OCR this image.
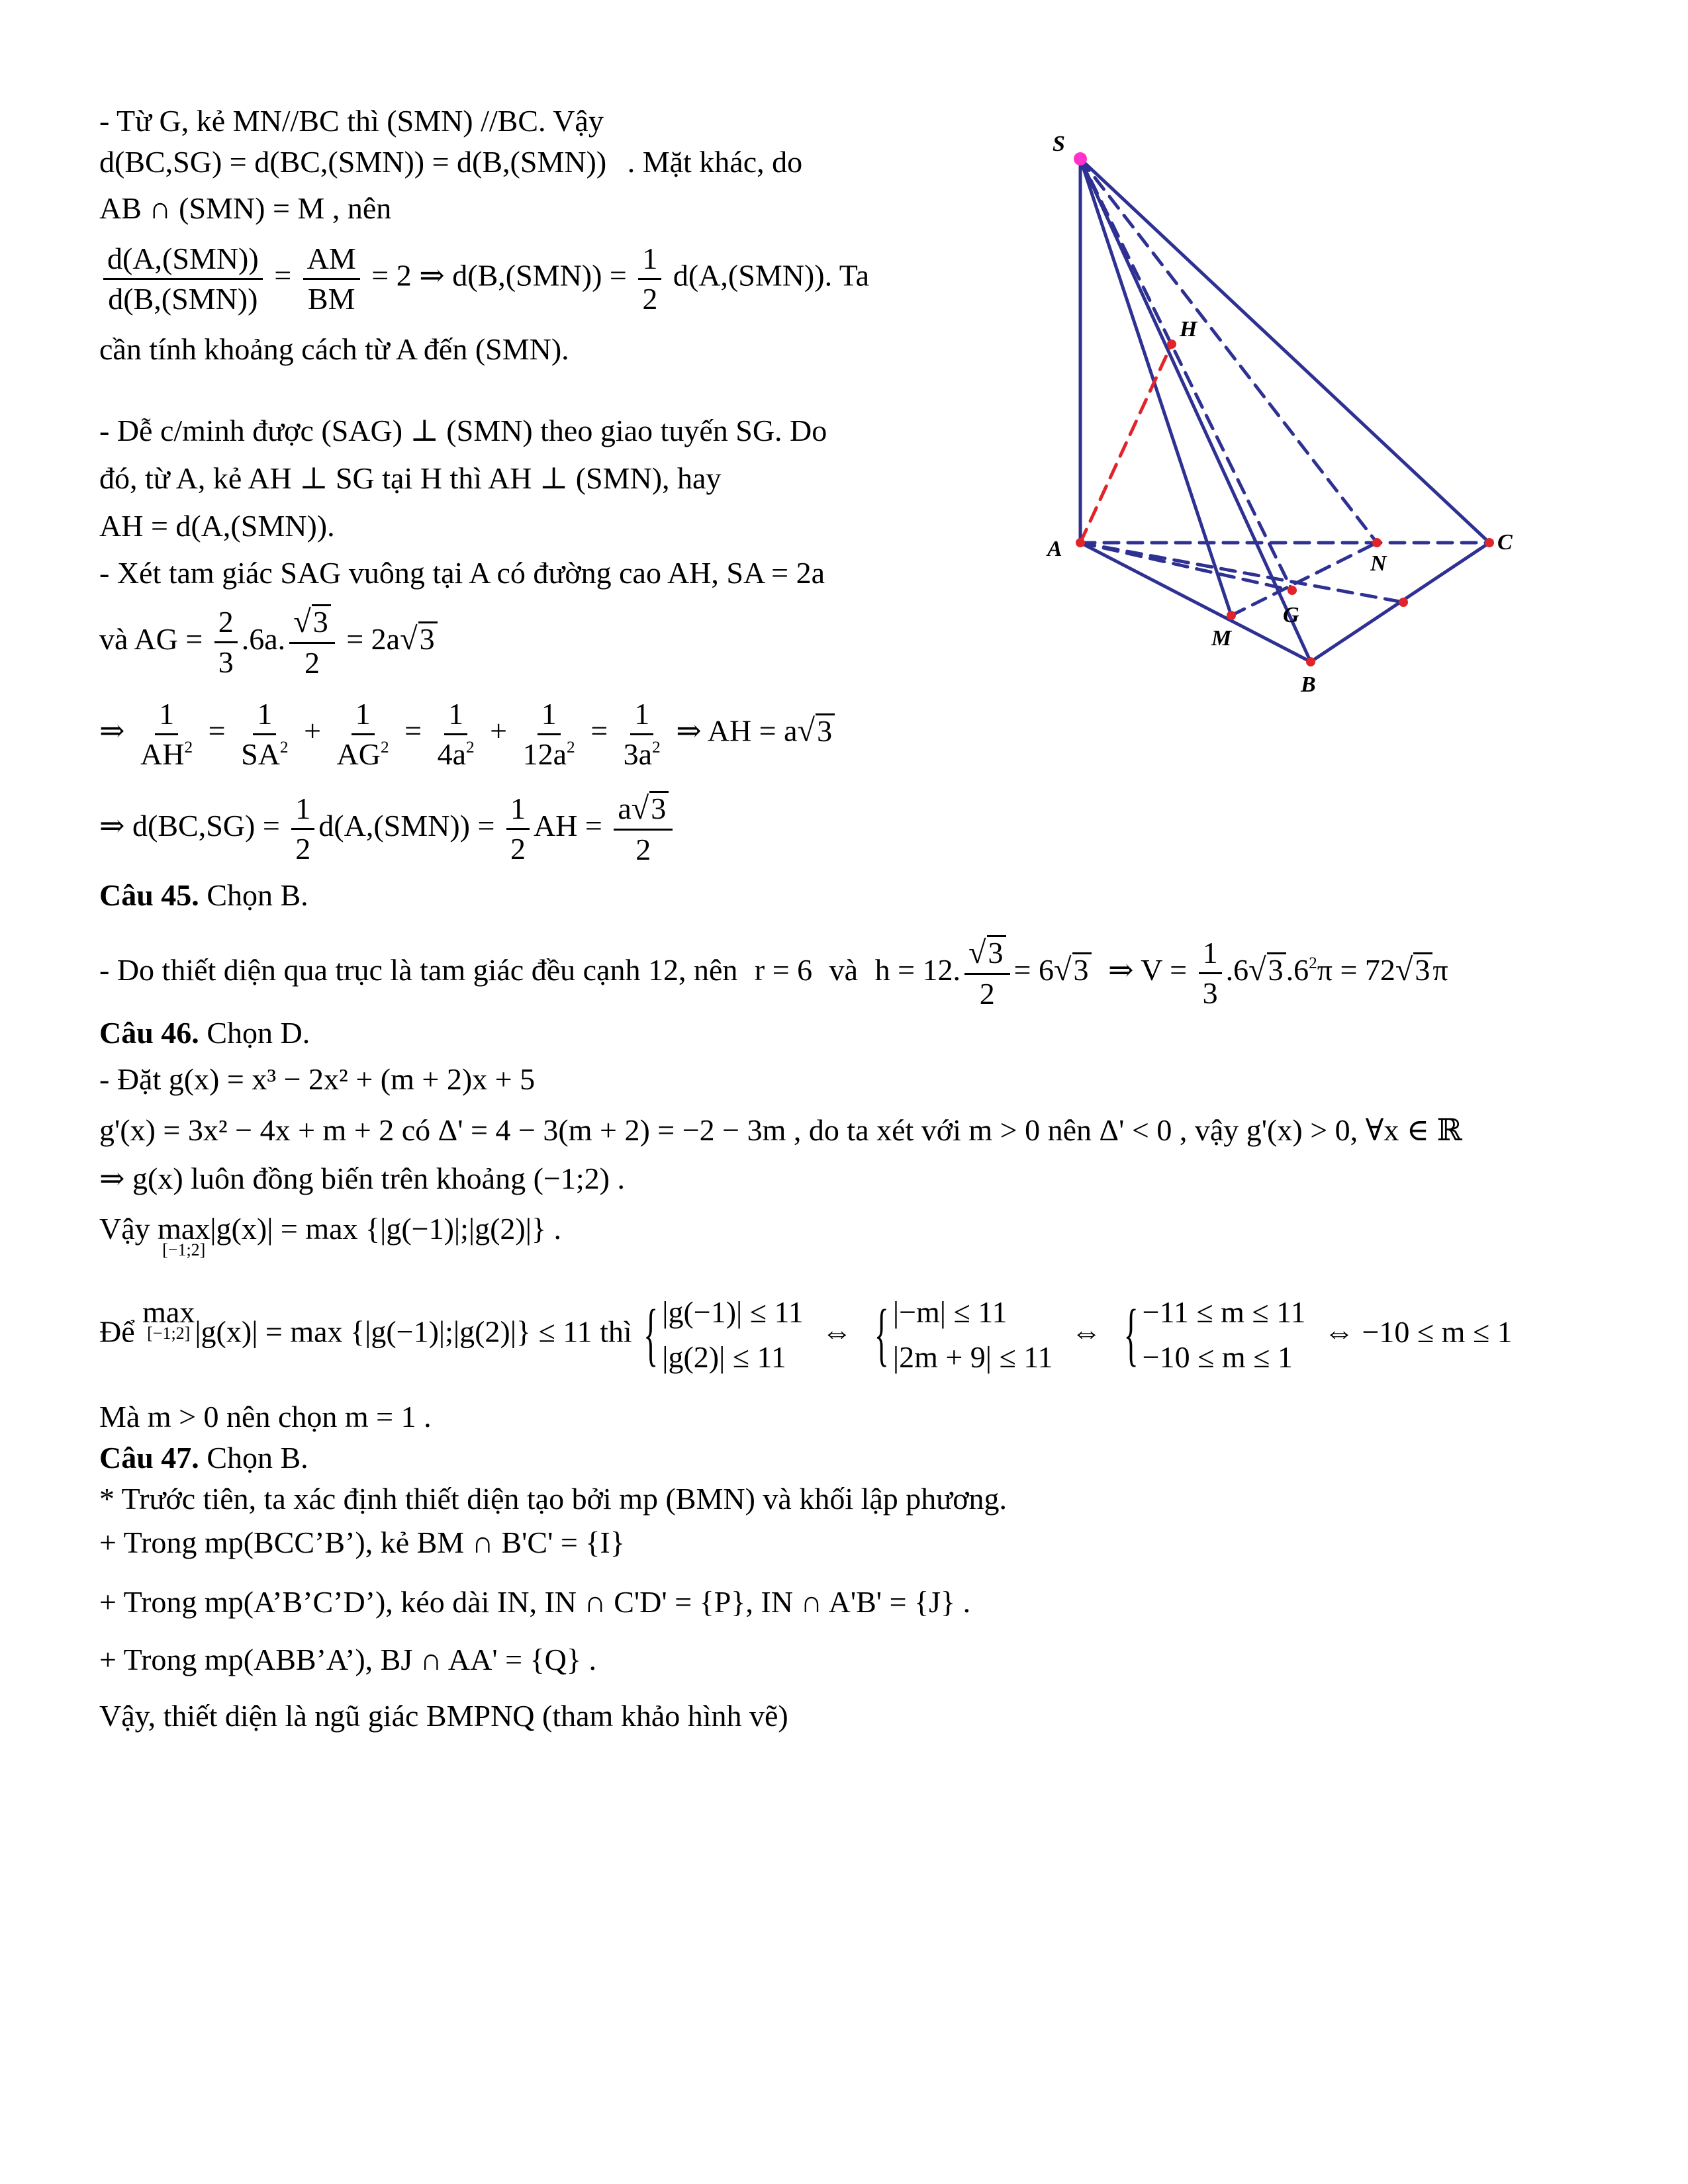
- Từ G, kẻ MN//BC thì (SMN) //BC. Vậy
d(BC,SG) = d(BC,(SMN)) = d(B,(SMN)) . Mặt khác, do
AB ∩ (SMN) = M , nên
$\frac{\text{d(A,(SMN))}}{\text{d(B,(SMN))}} = \frac{AM}{BM} = 2$ ⇒ $d(B,(SMN)) = \frac{1}{2} d(A,(SMN))$. Ta
cần tính khoảng cách từ A đến (SMN).
- Dễ c/minh được (SAG) ⊥ (SMN) theo giao tuyến SG. Do
đó, từ A, kẻ AH ⊥ SG tại H thì AH ⊥ (SMN), hay
AH = d(A,(SMN)).
- Xét tam giác SAG vuông tại A có đường cao AH, SA = 2a
và AG = $\frac{2}{3} .6a$. $\frac{√3}{2} = 2a√3$
⇒ $\frac{1}{AH^2} = \frac{1}{SA^2} + \frac{1}{AG^2} = \frac{1}{4a^2} + \frac{1}{12a^2} = \frac{1}{3a^2}$ ⇒ AH = a√3
⇒ $d(BC,SG) = \frac{1}{2} d(A,(SMN)) = \frac{1}{2}$ AH = $\frac{a√3}{2}$
Câu 45. Chọn B.
- Do thiết diện qua trục là tam giác đều cạnh 12, nên r = 6 và h = 12. $\frac{√3}{2} = 6√3$ ⇒ $V = \frac{1}{3} .6√3.6^2\pi = 72√3\pi$
Câu 46. Chọn D.
- Đặt g(x) = x³ − 2x² + (m + 2)x + 5
g'(x) = 3x² − 4x + m + 2 có Δ' = 4 − 3(m + 2) = −2 − 3m , do ta xét với m > 0 nên Δ' < 0 , vậy g'(x) > 0, ∀x ∈ ℝ
⇒ g(x) luôn đồng biến trên khoảng (−1;2) .
Vậy max
[−1;2]
|g(x)| = max {|g(−1)|;|g(2)|} .
Để
max
[−1;2] |g(x)| = max {|g(−1)|;|g(2)|} ≤ 11 thì { |g(−1)| ≤ 11
|g(2)| ≤ 11
⇔ { |−m| ≤ 11
|2m + 9| ≤ 11
⇔ { −11 ≤ m ≤ 11
−10 ≤ m ≤ 1
⇔ −10 ≤ m ≤ 1
Mà m > 0 nên chọn m = 1 .
Câu 47. Chọn B.
* Trước tiên, ta xác định thiết diện tạo bởi mp (BMN) và khối lập phương.
+ Trong mp(BCC’B’), kẻ BM ∩ B'C' = {I}
+ Trong mp(A’B’C’D’), kéo dài IN, IN ∩ C'D' = {P}, IN ∩ A'B' = {J} .
+ Trong mp(ABB’A’), BJ ∩ AA' = {Q} .
Vậy, thiết diện là ngũ giác BMPNQ (tham khảo hình vẽ)
S
H
A	C
N
G
M
B
